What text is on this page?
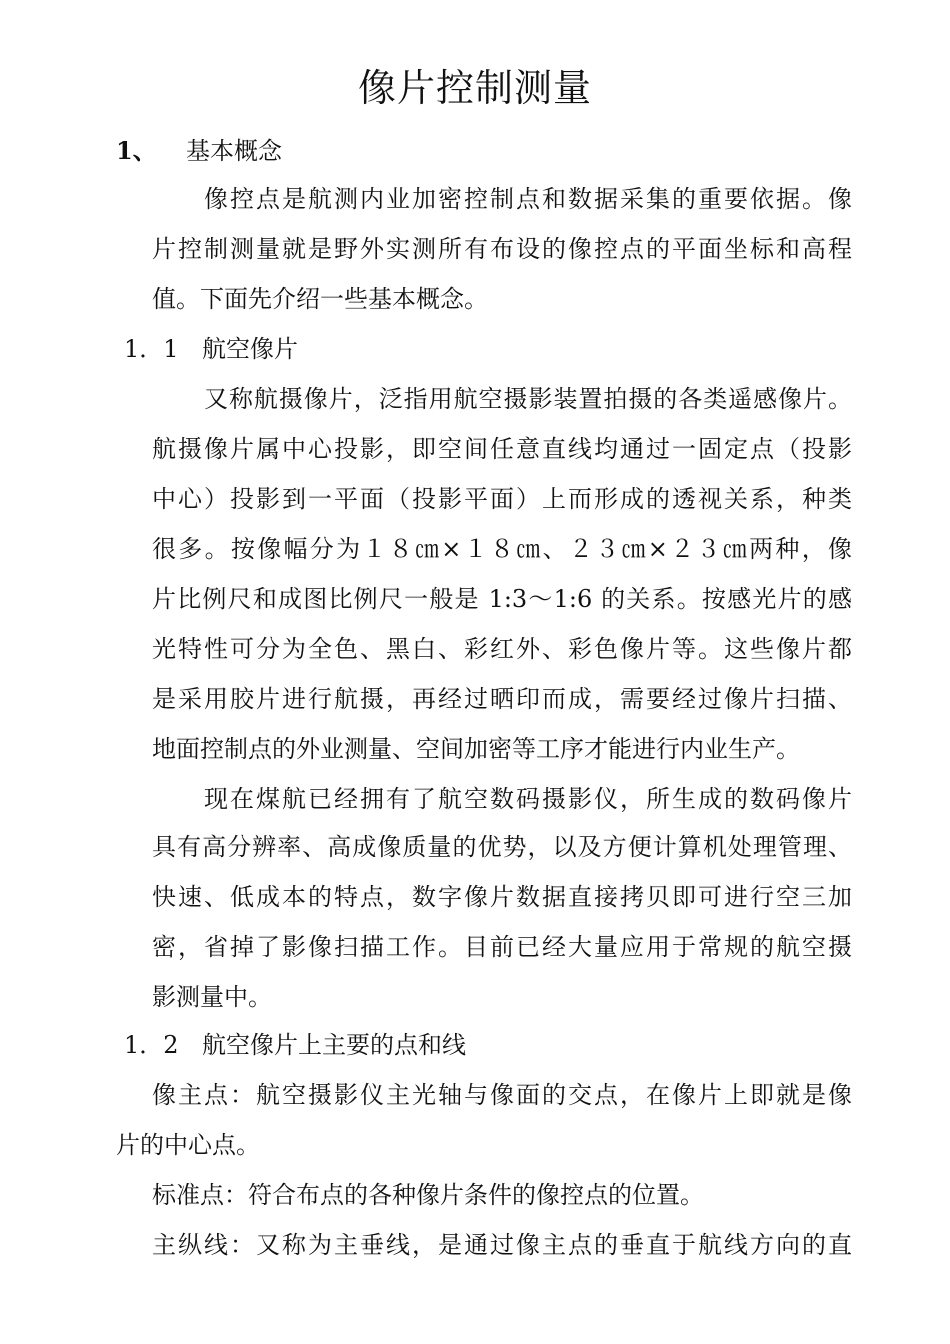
像片控制测量
1、 基本概念
像控点是航测内业加密控制点和数据采集的重要依据。像
片控制测量就是野外实测所有布设的像控点的平面坐标和高程
值。下面先介绍一些基本概念。
1．1 航空像片
又称航摄像片，泛指用航空摄影装置拍摄的各类遥感像片。
航摄像片属中心投影，即空间任意直线均通过一固定点（投影
中心）投影到一平面（投影平面）上而形成的透视关系，种类
很多。按像幅分为１８㎝×１８㎝、２３㎝×２３㎝两种，像
片比例尺和成图比例尺一般是 1:3～1:6 的关系。按感光片的感
光特性可分为全色、黑白、彩红外、彩色像片等。这些像片都
是采用胶片进行航摄，再经过晒印而成，需要经过像片扫描、
地面控制点的外业测量、空间加密等工序才能进行内业生产。
现在煤航已经拥有了航空数码摄影仪，所生成的数码像片
具有高分辨率、高成像质量的优势，以及方便计算机处理管理、
快速、低成本的特点，数字像片数据直接拷贝即可进行空三加
密，省掉了影像扫描工作。目前已经大量应用于常规的航空摄
影测量中。
1．2 航空像片上主要的点和线
像主点：航空摄影仪主光轴与像面的交点，在像片上即就是像
片的中心点。
标准点：符合布点的各种像片条件的像控点的位置。
主纵线：又称为主垂线，是通过像主点的垂直于航线方向的直
